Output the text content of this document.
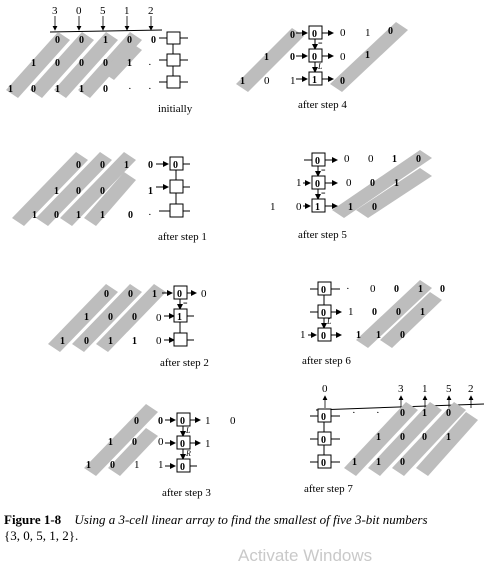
3 0 5 1 2
0 0 1 0 0
1 0 0 0 1
1 0 1 1 0
·
· ·
initially
0 0 1 0
1 0 0	1
1 0 1 1 0 ·
0
after step 1
0 0 1
1 0 0
1 0 1 1
0
0
0
1
=
0
after step 2
0 0
1 0
1 0
0
1 1
0
0
0
L
R
1
1
0
after step 3
0
1 0
1
0
1
0
0 1
0 1
0
0
0
1
=
L
after step 4
1 0
0 1
1 0
0 0
0
1
0
1
0
0
1
=
=
after step 5
0 1 0
0 0 1
1 1 0
· 0
1
1
0
0
0
L
after step 6
0	3 1 5 2
0 1 0
1 0 0 1
1 1 0
· ·
0
0
0
after step 7
Figure 1-8 Using a 3-cell linear array to find the smallest of five 3-bit numbers
{3, 0, 5, 1, 2}.
Activate Windows
